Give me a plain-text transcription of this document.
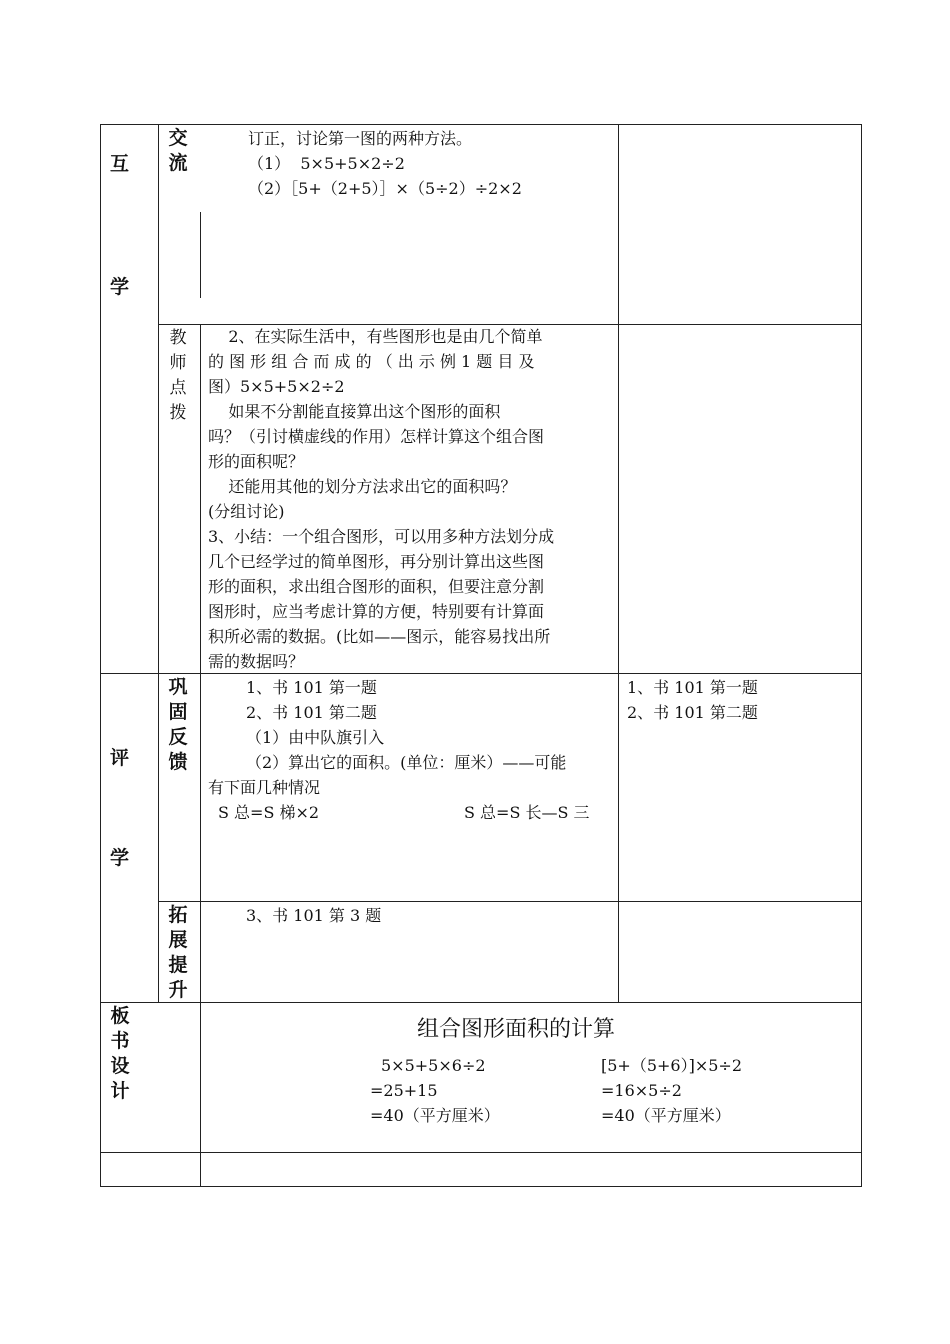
互
学
交
流
订正，讨论第一图的两种方法。
（1）  5×5+5×2÷2
（2）［5+（2+5）］×（5÷2）÷2×2
教
师
点
拨
2、在实际生活中，有些图形也是由几个简单
的 图 形 组 合 而 成 的 （ 出 示 例 1 题 目 及
图）5×5+5×2÷2
如果不分割能直接算出这个图形的面积
吗？（引讨横虚线的作用）怎样计算这个组合图
形的面积呢？
还能用其他的划分方法求出它的面积吗？
(分组讨论)
3、小结：一个组合图形，可以用多种方法划分成
几个已经学过的简单图形，再分别计算出这些图
形的面积，求出组合图形的面积，但要注意分割
图形时，应当考虑计算的方便，特别要有计算面
积所必需的数据。(比如——图示，能容易找出所
需的数据吗？
评
学
巩
固
反
馈
1、书 101 第一题
2、书 101 第二题
（1）由中队旗引入
（2）算出它的面积。(单位：厘米）——可能
有下面几种情况
S 总=S 梯×2	S 总=S 长—S 三
1、书 101 第一题
2、书 101 第二题
拓
展
提
升
3、书 101 第 3 题
板
书
设
计
组合图形面积的计算
5×5+5×6÷2
=25+15
=40（平方厘米）
[5+（5+6）]×5÷2
=16×5÷2
=40（平方厘米）
